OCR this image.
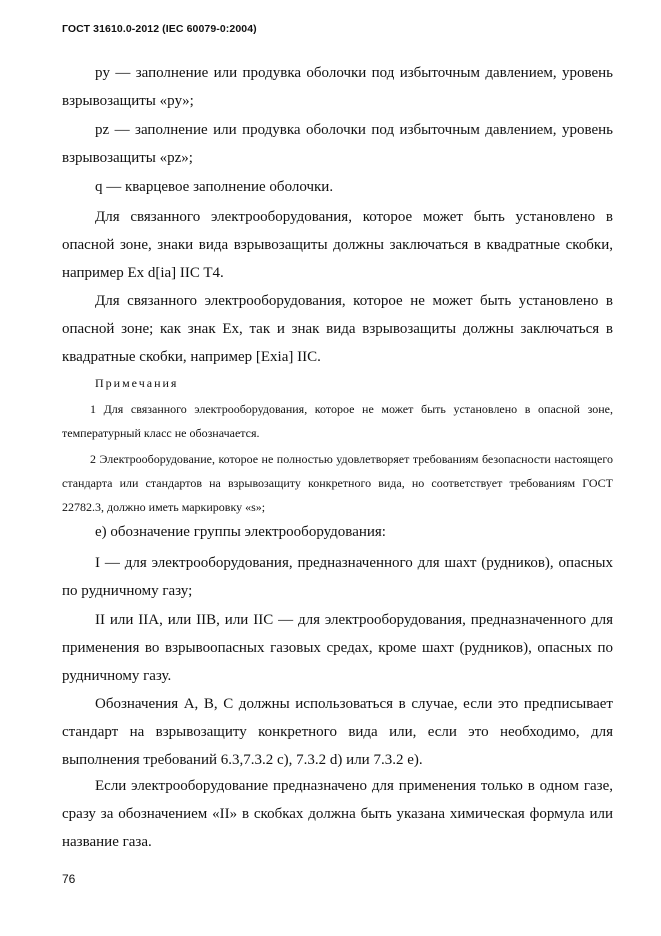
ГОСТ 31610.0-2012 (IEC 60079-0:2004)
py — заполнение или продувка оболочки под избыточным давлением, уровень взрывозащиты «py»;
pz — заполнение или продувка оболочки под избыточным давлением, уровень взрывозащиты «pz»;
q — кварцевое заполнение оболочки.
Для связанного электрооборудования, которое может быть установлено в опасной зоне, знаки вида взрывозащиты должны заключаться в квадратные скобки, например Ex d[ia] IIC T4.
Для связанного электрооборудования, которое не может быть установлено в опасной зоне; как знак Ex, так и знак вида взрывозащиты должны заключаться в квадратные скобки, например [Exia] IIC.
Примечания
1 Для связанного электрооборудования, которое не может быть установлено в опасной зоне, температурный класс не обозначается.
2 Электрооборудование, которое не полностью удовлетворяет требованиям безопасности настоящего стандарта или стандартов на взрывозащиту конкретного вида, но соответствует требованиям ГОСТ 22782.3, должно иметь маркировку «s»;
е) обозначение группы электрооборудования:
I — для электрооборудования, предназначенного для шахт (рудников), опасных по рудничному газу;
II или IIA, или IIB, или IIC — для электрооборудования, предназначенного для применения во взрывоопасных газовых средах, кроме шахт (рудников), опасных по рудничному газу.
Обозначения A, B, C должны использоваться в случае, если это предписывает стандарт на взрывозащиту конкретного вида или, если это необходимо, для выполнения требований 6.3,7.3.2 c), 7.3.2 d) или 7.3.2 e).
Если электрооборудование предназначено для применения только в одном газе, сразу за обозначением «II» в скобках должна быть указана химическая формула или название газа.
76
